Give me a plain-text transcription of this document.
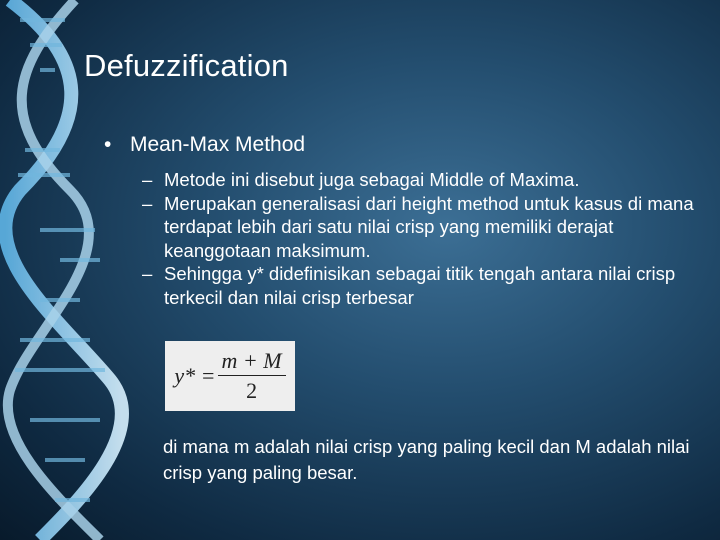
Defuzzification
• Mean-Max Method
– Metode ini disebut juga sebagai Middle of Maxima.
– Merupakan generalisasi dari height method untuk kasus di mana terdapat lebih dari satu nilai crisp yang memiliki derajat keanggotaan maksimum.
– Sehingga y* didefinisikan sebagai titik tengah antara nilai crisp terkecil dan nilai crisp terbesar
$y* = \frac{m + M}{2}$
di mana m adalah nilai crisp yang paling kecil dan M adalah nilai crisp yang paling besar.
